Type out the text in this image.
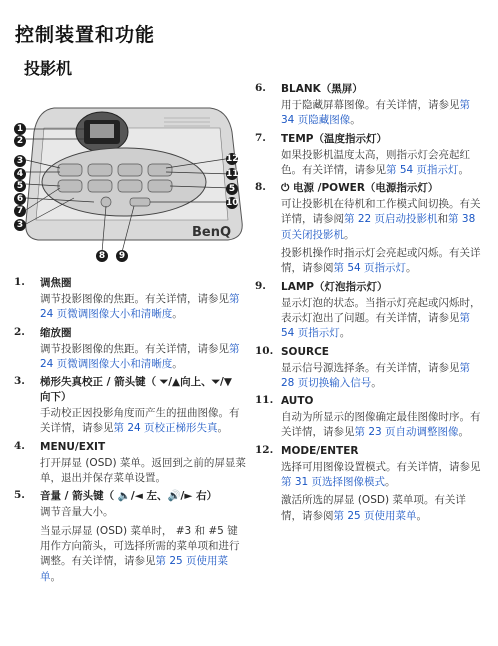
控制装置和功能
投影机
BenQ
1
2
3
4
5
6
7
3
8	9
12
11
5
10
1. 调焦圈
调节投影图像的焦距。有关详情，请参见第 24 页微调图像大小和清晰度。
2. 缩放圈
调节投影图像的焦距。有关详情，请参见第 24 页微调图像大小和清晰度。
3. 梯形失真校正 / 箭头键（ ⏷/▲向上、⏷/▼ 向下）
手动校正因投影角度而产生的扭曲图像。有关详情，请参见第 24 页校正梯形失真。
4. MENU/EXIT
打开屏显 (OSD) 菜单。返回到之前的屏显菜单，退出并保存菜单设置。
5. 音量 / 箭头键（ 🔈/◄ 左、🔊/► 右）
调节音量大小。
当显示屏显 (OSD) 菜单时， #3 和 #5 键用作方向箭头，可选择所需的菜单项和进行调整。有关详情，请参见第 25 页使用菜单。
6. BLANK（黑屏）
用于隐藏屏幕图像。有关详情，请参见第 34 页隐藏图像。
7. TEMP（温度指示灯）
如果投影机温度太高，则指示灯会亮起红色。有关详情，请参见第 54 页指示灯。
8. ⏻ 电源 /POWER（电源指示灯）
可让投影机在待机和工作模式间切换。有关详情，请参阅第 22 页启动投影机和第 38 页关闭投影机。
投影机操作时指示灯会亮起或闪烁。有关详情，请参阅第 54 页指示灯。
9. LAMP（灯泡指示灯）
显示灯泡的状态。当指示灯亮起或闪烁时，表示灯泡出了问题。有关详情，请参见第 54 页指示灯。
10. SOURCE
显示信号源选择条。有关详情，请参见第 28 页切换输入信号。
11. AUTO
自动为所显示的图像确定最佳图像时序。有关详情，请参见第 23 页自动调整图像。
12. MODE/ENTER
选择可用图像设置模式。有关详情，请参见第 31 页选择图像模式。
激活所选的屏显 (OSD) 菜单项。有关详情，请参阅第 25 页使用菜单。
